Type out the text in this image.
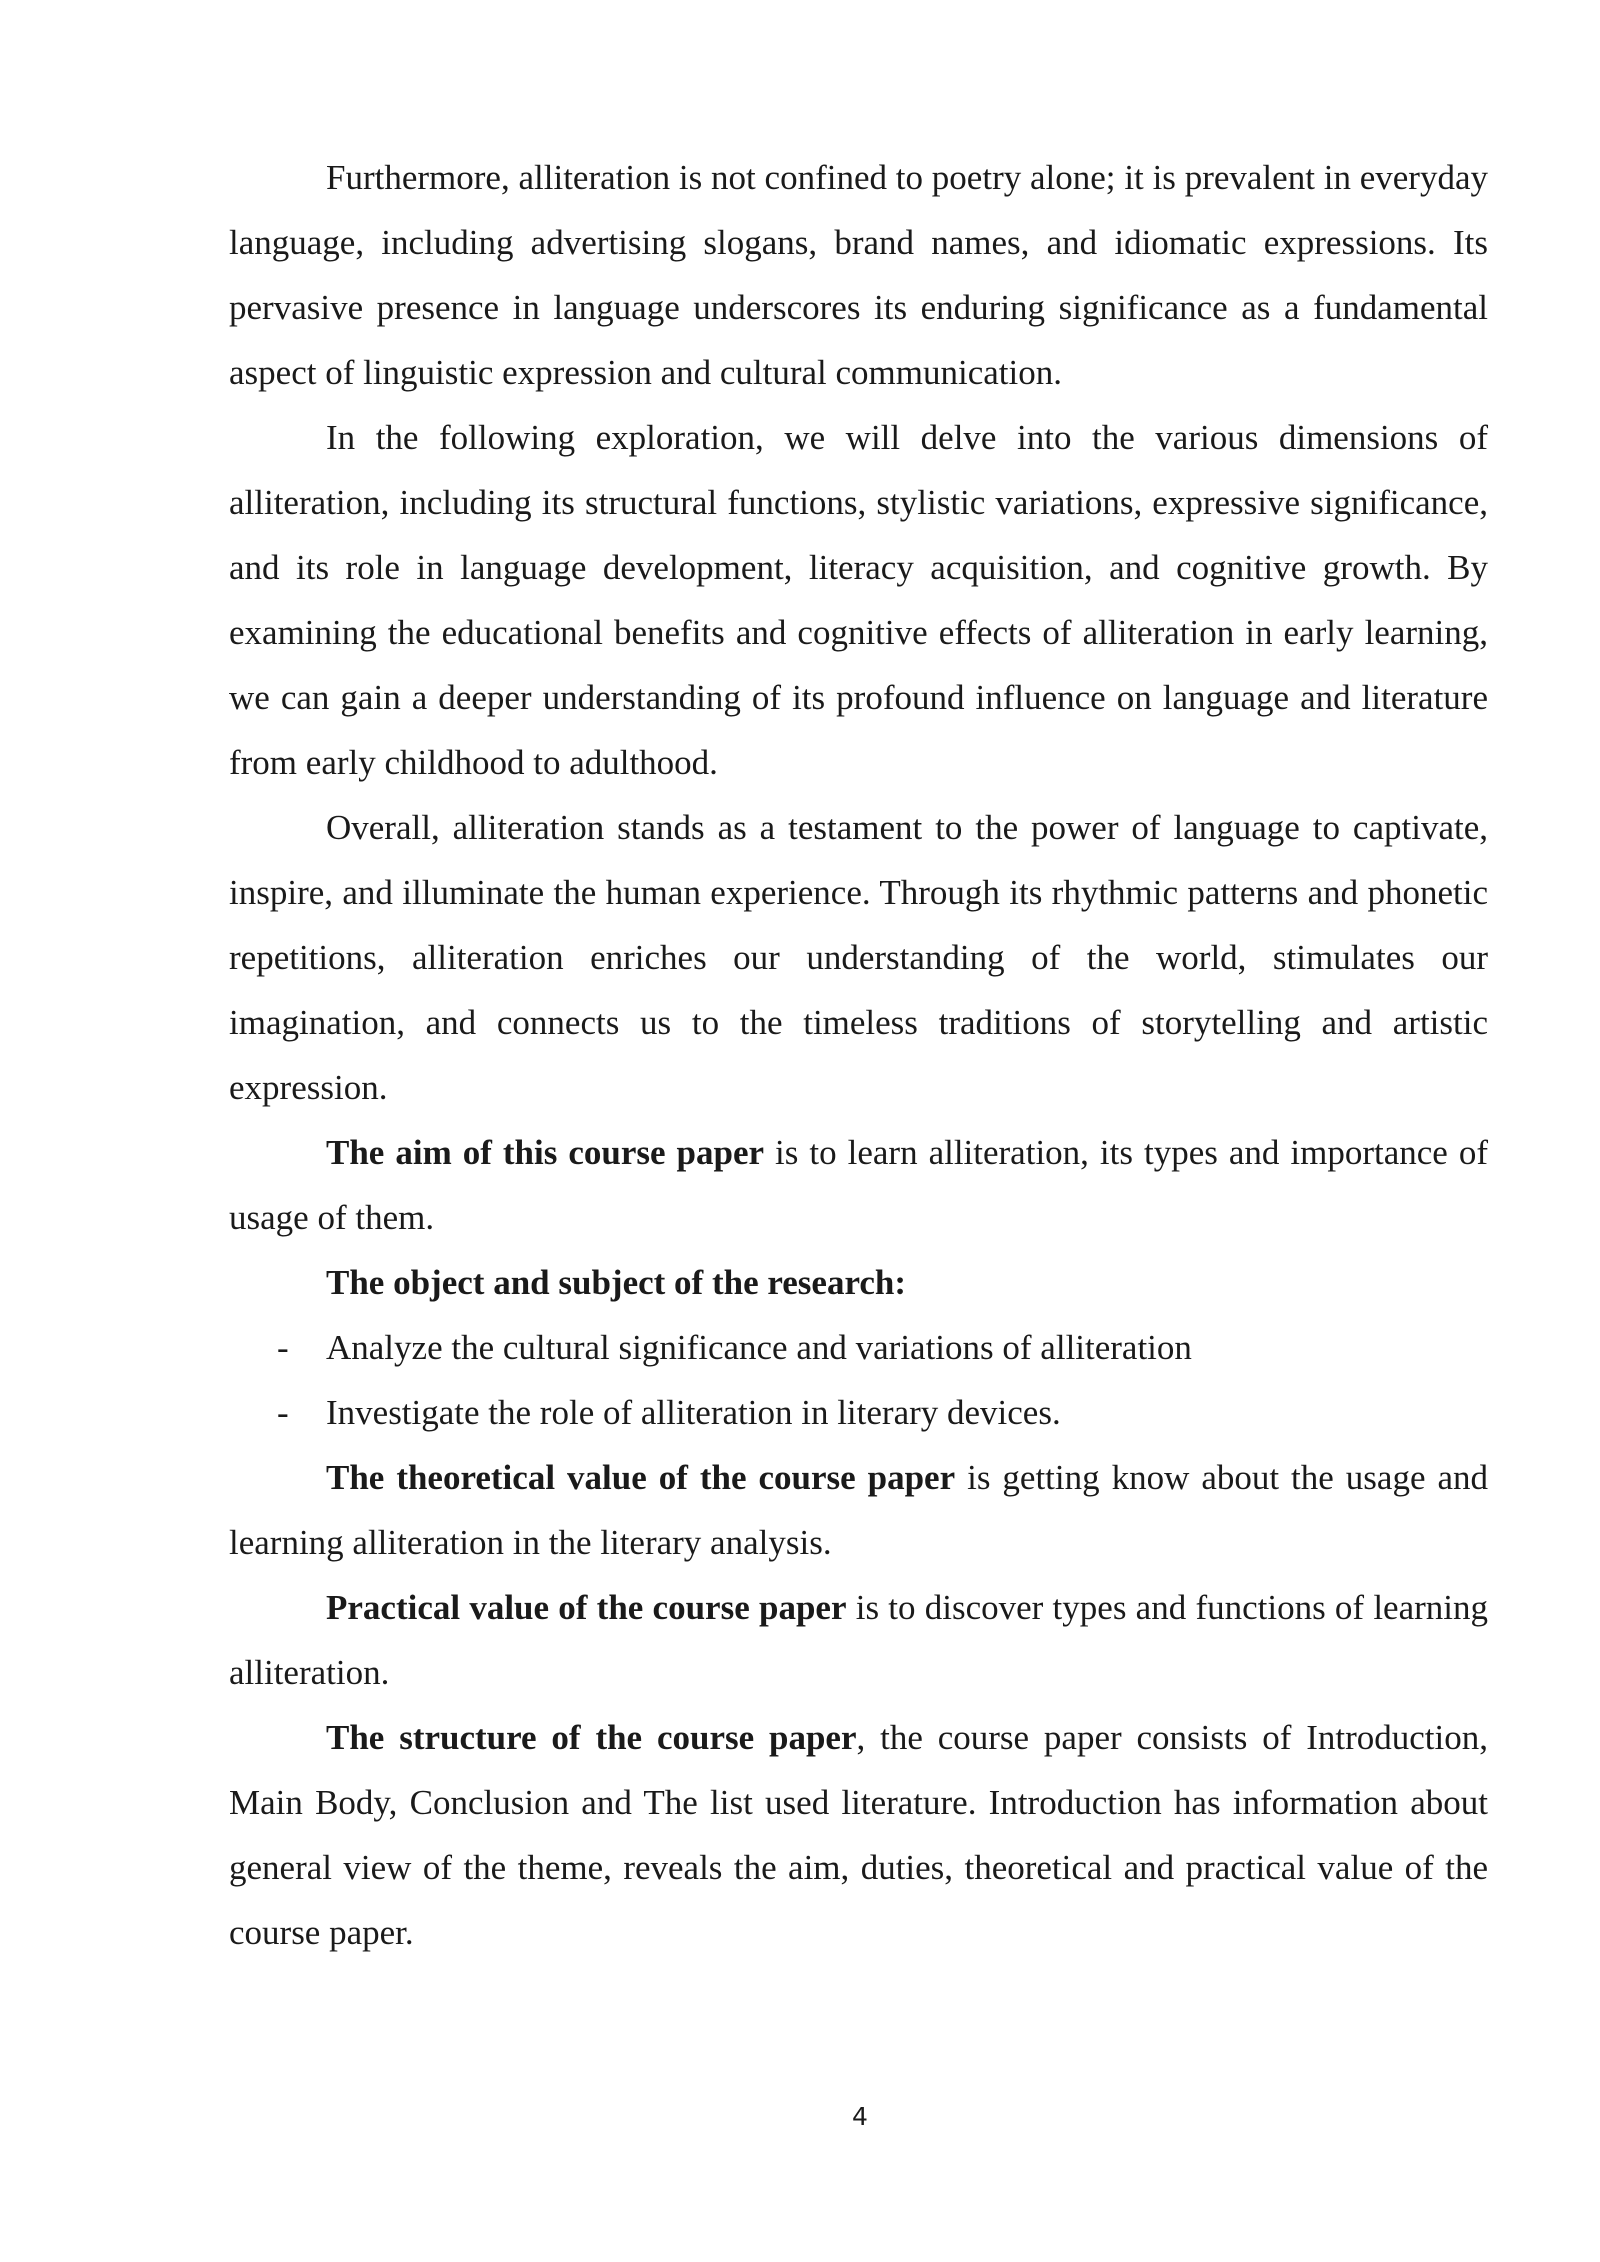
Furthermore, alliteration is not confined to poetry alone; it is prevalent in everyday language, including advertising slogans, brand names, and idiomatic expressions. Its pervasive presence in language underscores its enduring significance as a fundamental aspect of linguistic expression and cultural communication.

In the following exploration, we will delve into the various dimensions of alliteration, including its structural functions, stylistic variations, expressive significance, and its role in language development, literacy acquisition, and cognitive growth. By examining the educational benefits and cognitive effects of alliteration in early learning, we can gain a deeper understanding of its profound influence on language and literature from early childhood to adulthood.

Overall, alliteration stands as a testament to the power of language to captivate, inspire, and illuminate the human experience. Through its rhythmic patterns and phonetic repetitions, alliteration enriches our understanding of the world, stimulates our imagination, and connects us to the timeless traditions of storytelling and artistic expression.

The aim of this course paper is to learn alliteration, its types and importance of usage of them.

The object and subject of the research:

- Analyze the cultural significance and variations of alliteration
- Investigate the role of alliteration in literary devices.

The theoretical value of the course paper is getting know about the usage and learning alliteration in the literary analysis.

Practical value of the course paper is to discover types and functions of learning alliteration.

The structure of the course paper, the course paper consists of Introduction, Main Body, Conclusion and The list used literature. Introduction has information about general view of the theme, reveals the aim, duties, theoretical and practical value of the course paper.

4
